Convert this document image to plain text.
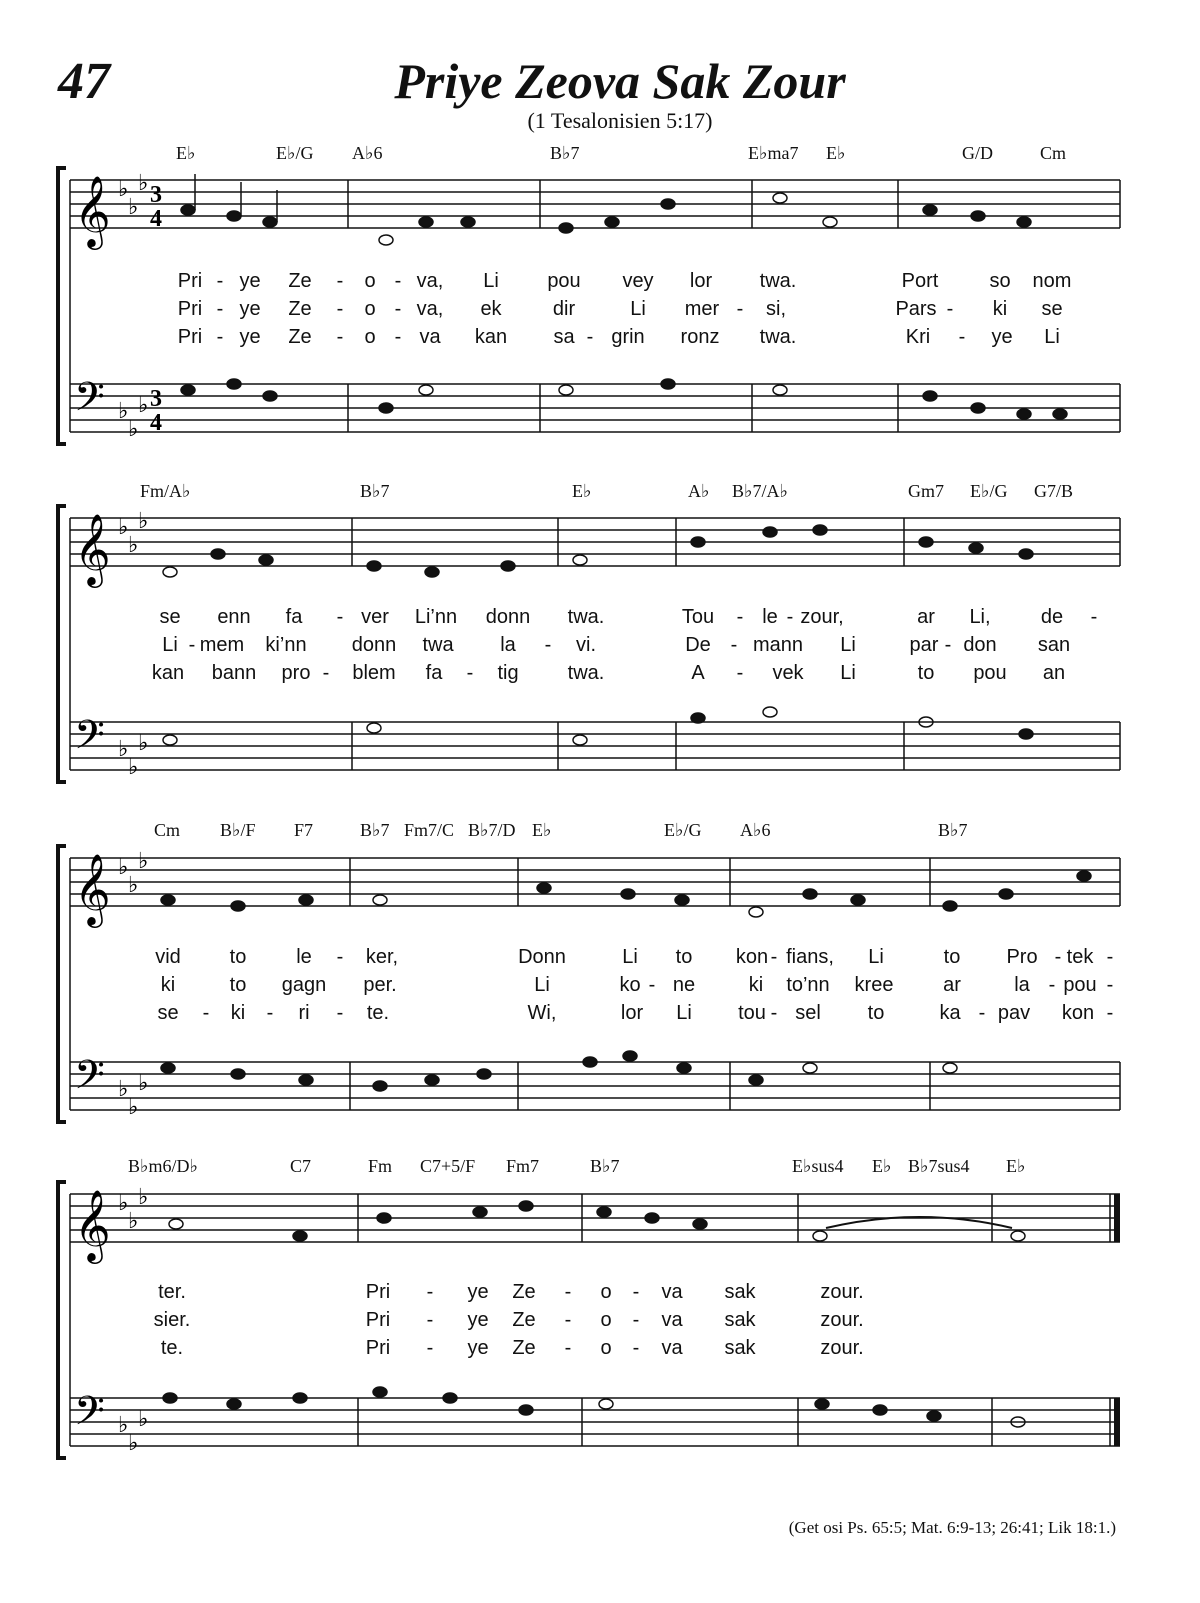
47	Priye Zeova Sak Zour
(1 Tesalonisien 5:17)
E♭	E♭/G A♭6	B♭7	E♭ma7 E♭	G/D	Cm
𝄞
𝄢
♭
♭
♭
♭
♭
♭
3
4
3
4
Pri - ye Ze - o - va, Li pou vey lor twa.	Port	so nom
Pri - ye Ze - o - va, ek	dir	Li mer - si,	Pars - ki se
Pri - ye Ze - o - va kan sa - grin ronz twa.	Kri - ye Li
Fm/A♭	B♭7	E♭	A♭ B♭7/A♭	Gm7 E♭/G G7/B
𝄞
𝄢
♭
♭
♭
♭
♭
♭
se enn fa - ver Li’nn donn twa.	Tou - le - zour,	ar Li,	de -
Li - mem ki’nn donn twa la - vi.	De - mann Li	par - don san
kan bann pro - blem fa - tig twa.	A - vek Li	to pou an
Cm B♭/F F7	B♭7 Fm7/C B♭7/D E♭	E♭/G A♭6	B♭7
𝄞
𝄢
♭
♭
♭
♭
♭
♭
vid to le - ker,	Donn	Li to kon - fians, Li	to Pro - tek -
ki	to gagn per.	Li	ko - ne	ki to’nn kree ar	la - pou -
se - ki - ri - te.	Wi,	lor Li tou - sel to	ka - pav kon -
B♭m6/D♭	C7	Fm C7+5/F Fm7	B♭7	E♭sus4 E♭ B♭7sus4 E♭
𝄞
𝄢
♭
♭
♭
♭
♭
♭
ter.	Pri - ye Ze - o - va sak	zour.
sier.	Pri - ye Ze - o - va sak	zour.
te.	Pri - ye Ze - o - va sak	zour.
(Get osi Ps. 65:5; Mat. 6:9-13; 26:41; Lik 18:1.)
